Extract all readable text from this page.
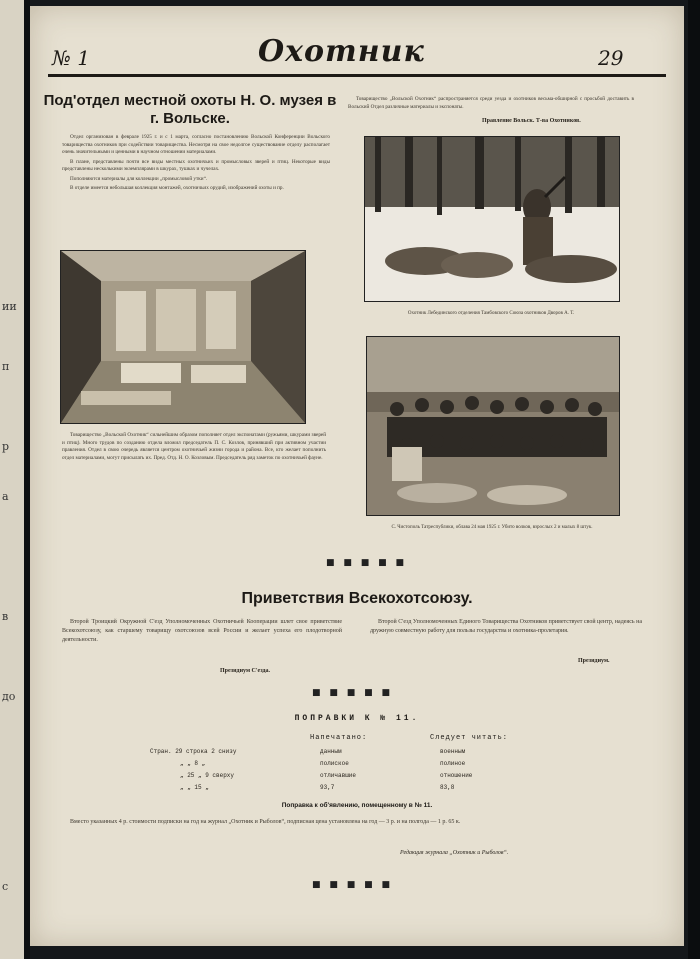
ии
п
р
а
в
до
с
№ 1	Охотник	29
Под'отдел местной охоты Н. О. музея в г. Вольске.

Отдел организован в феврале 1925 г. и с 1 марта, согласно постановлению Вольской Конференции Вольского товарищества охотников при содействии товарищества. Несмотря на свое недолгое существование отделу располагает очень значительными и ценными в научном отношении материалами.

В плане, представлены почти все виды местных охотничьих и промысловых зверей и птиц. Некоторые виды представлены несколькими экземплярами в шкурах, тушках и чучелах.

Пополняются материалы для коллекции „промысловой утки“.

В отделе имеется небольшая коллекция монтажей, охотничьих орудий, изображений охоты и пр.

Товарищество „Вольской Охотник“ сильнейшим образом пополняет отдел экспонатами (ружьями, шкурами зверей и птиц). Много трудов по созданию отдела вложил председатель П. С. Козлов, принявший при активном участии правления. Отдел в свою очередь является центром охотничьей жизни города и района. Все, кто желает пополнить отдел материалами, могут присылать их. Пред. Отд. Н. О. Козловым. Председатель ряд заметок по охотничьей фауне.

Товарищество „Вольской Охотник“ распространяется среди уезда и охотников весьма-обширной с просьбой доставить в Вольский Отдел различные материалы и экспонаты.

Правление Вольск. Т-ва Охотников.
Охотник Лебединского отделения Тамбовского Союза охотников Дворов А. Т.
С. Чистополь Татреспублики, облава 24 мая 1925 г. Убито волков, взрослых 2 и малых 8 штук.
■ ■ ■ ■ ■
Приветствия Всекохотсоюзу.

Второй Троицкий Окружной С'езд Уполномоченных Охотничьей Кооперации шлет свое приветствие Всекохотсоюзу, как старшему товарищу охотсоюзов всей России и желает успеха его плодотворной деятельности.

Президиум С'езда.

Второй С'езд Уполномоченных Единого Товарищества Охотников приветствует свой центр, надеясь на дружную совместную работу для пользы государства и охотника-пролетария.

Президиум.
■ ■ ■ ■ ■
ПОПРАВКИ К № 11.
Напечатано:	Следует читать:
Стран. 29 строка 2 снизу	данным	военным
„ „ 8 „	полиское	полиное
„ 25 „ 9 сверху	отличавшие	отношение
„ „ 15 „	93,7	83,8
Поправка к об'явлению, помещенному в № 11.

Вместо указанных 4 р. стоимости подписки на год на журнал „Охотник и Рыболов“, подписная цена установлена на год — 3 р. и на полгода — 1 р. 65 к.

Редакция журнала „Охотник и Рыболов“.
■ ■ ■ ■ ■
